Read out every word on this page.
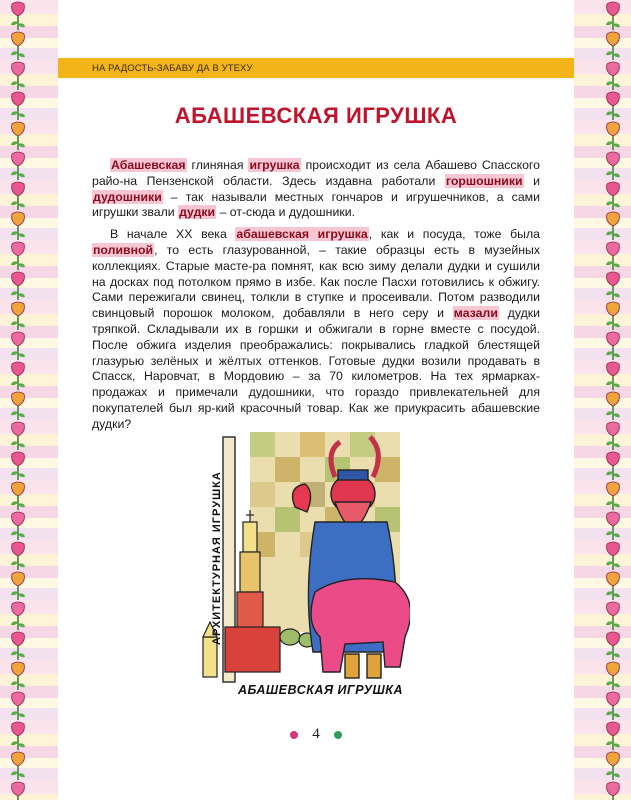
НА РАДОСТЬ-ЗАБАВУ ДА В УТЕХУ
АБАШЕВСКАЯ ИГРУШКА

Абашевская глиняная игрушка происходит из села Абашево Спасского райо-на Пензенской области. Здесь издавна работали горшошники и дудошники – так называли местных гончаров и игрушечников, а сами игрушки звали дудки – от-сюда и дудошники.

В начале ХХ века абашевская игрушка, как и посуда, тоже была поливной, то есть глазурованной, – такие образцы есть в музейных коллекциях. Старые масте-ра помнят, как всю зиму делали дудки и сушили на досках под потолком прямо в избе. Как после Пасхи готовились к обжигу. Сами пережигали свинец, толкли в ступке и просеивали. Потом разводили свинцовый порошок молоком, добавляли в него серу и мазали дудки тряпкой. Складывали их в горшки и обжигали в горне вместе с посудой. После обжига изделия преображались: покрывались гладкой блестящей глазурью зелёных и жёлтых оттенков. Готовые дудки возили продавать в Спасск, Наровчат, в Мордовию – за 70 километров. На тех ярмарках-продажах и примечали дудошники, что гораздо привлекательней для покупателей был яр-кий красочный товар. Как же приукрасить абашевские дудки?

АРХИТЕКТУРНАЯ ИГРУШКА
АБАШЕВСКАЯ ИГРУШКА
4
